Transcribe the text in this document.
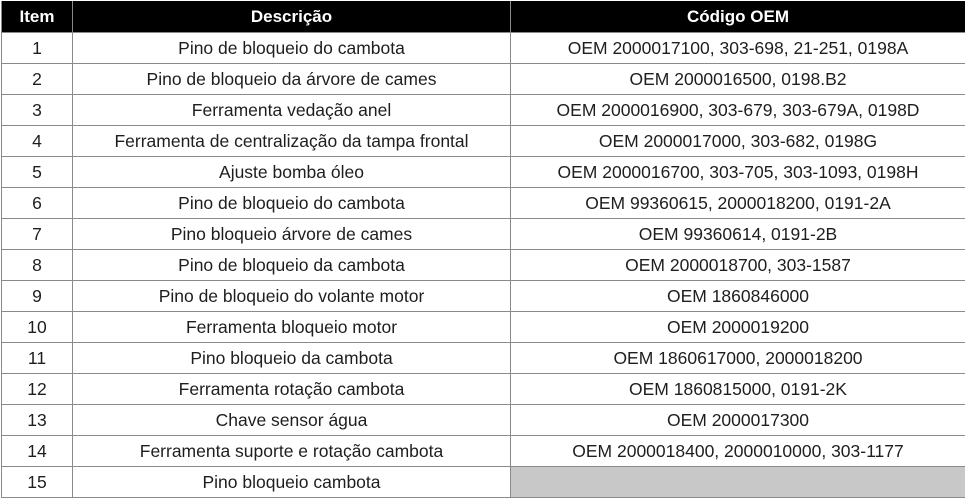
Item	Descrição	Código OEM
1	Pino de bloqueio do cambota	OEM 2000017100, 303-698, 21-251, 0198A
2	Pino de bloqueio da árvore de cames	OEM 2000016500, 0198.B2
3	Ferramenta vedação anel	OEM 2000016900, 303-679, 303-679A, 0198D
4	Ferramenta de centralização da tampa frontal	OEM 2000017000, 303-682, 0198G
5	Ajuste bomba óleo	OEM 2000016700, 303-705, 303-1093, 0198H
6	Pino de bloqueio do cambota	OEM 99360615, 2000018200, 0191-2A
7	Pino bloqueio árvore de cames	OEM 99360614, 0191-2B
8	Pino de bloqueio da cambota	OEM 2000018700, 303-1587
9	Pino de bloqueio do volante motor	OEM 1860846000
10	Ferramenta bloqueio motor	OEM 2000019200
11	Pino bloqueio da cambota	OEM 1860617000, 2000018200
12	Ferramenta rotação cambota	OEM 1860815000, 0191-2K
13	Chave sensor água	OEM 2000017300
14	Ferramenta suporte e rotação cambota	OEM 2000018400, 2000010000, 303-1177
15	Pino bloqueio cambota	
